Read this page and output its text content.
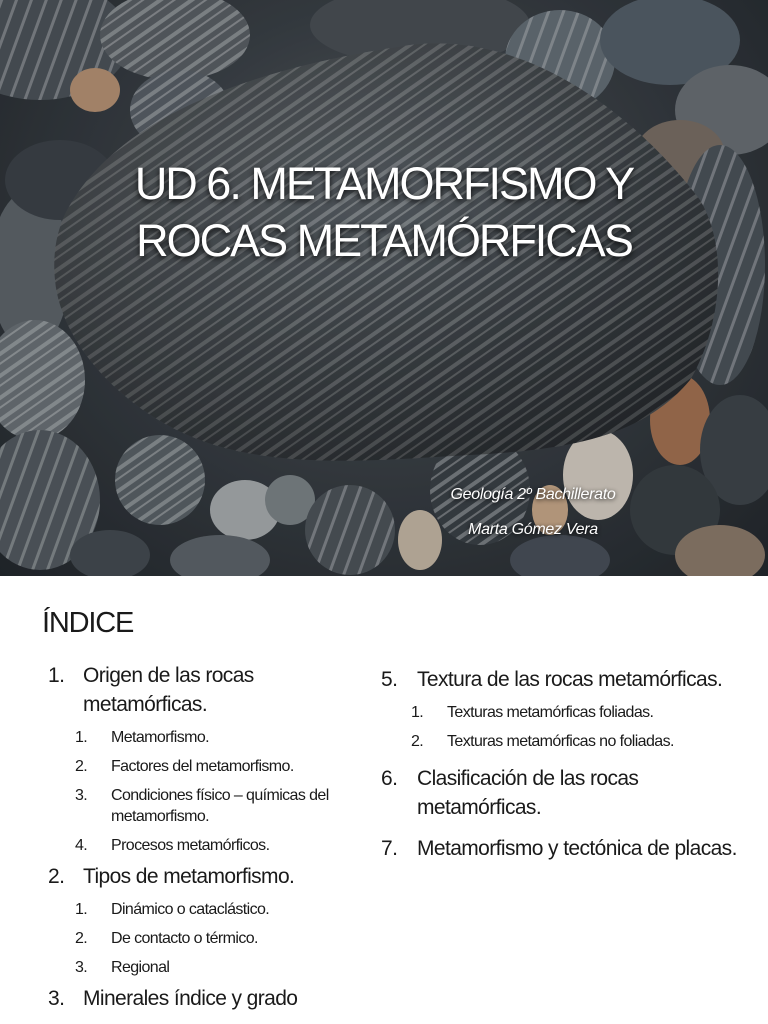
UD 6. METAMORFISMO Y
ROCAS METAMÓRFICAS
Geología 2º Bachillerato
Marta Gómez Vera
ÍNDICE
1. Origen de las rocas metamórficas.
1.	Metamorfismo.
2.	Factores del metamorfismo.
3.	Condiciones físico – químicas del metamorfismo.
4.	Procesos metamórficos.
2. Tipos de metamorfismo.
1.	Dinámico o cataclástico.
2.	De contacto o térmico.
3.	Regional
3. Minerales índice y grado
5. Textura de las rocas metamórficas.
1.	Texturas metamórficas foliadas.
2.	Texturas metamórficas no foliadas.
6. Clasificación de las rocas metamórficas.
7. Metamorfismo y tectónica de placas.
